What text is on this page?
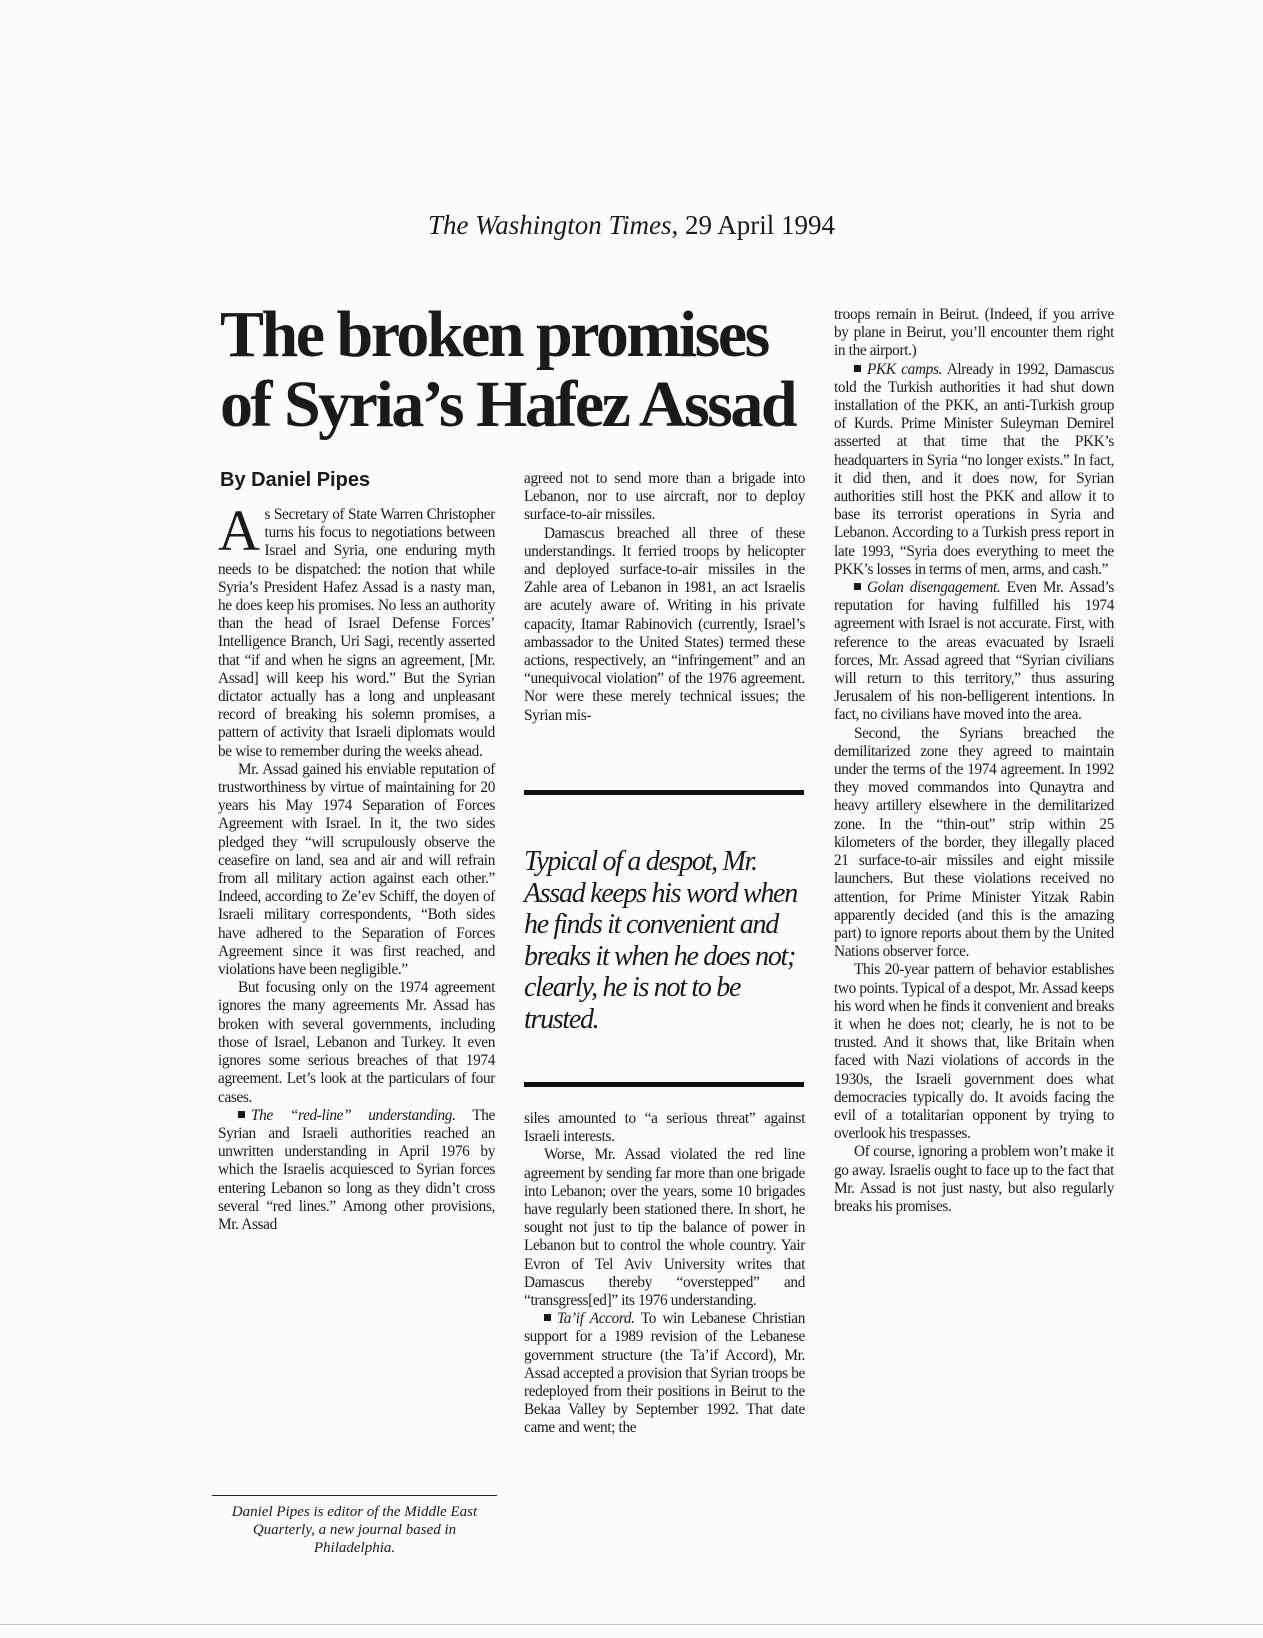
The Washington Times, 29 April 1994
The broken promises
of Syria’s Hafez Assad
By Daniel Pipes

As Secretary of State Warren Christopher turns his focus to negotiations between Israel and Syria, one enduring myth needs to be dispatched: the notion that while Syria’s President Hafez Assad is a nasty man, he does keep his promises. No less an authority than the head of Israel Defense Forces’ Intelligence Branch, Uri Sagi, recently asserted that “if and when he signs an agreement, [Mr. Assad] will keep his word.” But the Syrian dictator actually has a long and unpleasant record of breaking his solemn promises, a pattern of activity that Israeli diplomats would be wise to remember during the weeks ahead.

Mr. Assad gained his enviable reputation of trustworthiness by virtue of maintaining for 20 years his May 1974 Separation of Forces Agreement with Israel. In it, the two sides pledged they “will scrupulously observe the ceasefire on land, sea and air and will refrain from all military action against each other.” Indeed, according to Ze’ev Schiff, the doyen of Israeli military correspondents, “Both sides have adhered to the Separation of Forces Agreement since it was first reached, and violations have been negligible.”

But focusing only on the 1974 agreement ignores the many agreements Mr. Assad has broken with several governments, including those of Israel, Lebanon and Turkey. It even ignores some serious breaches of that 1974 agreement. Let’s look at the particulars of four cases.

The “red-line” understanding. The Syrian and Israeli authorities reached an unwritten understanding in April 1976 by which the Israelis acquiesced to Syrian forces entering Lebanon so long as they didn’t cross several “red lines.” Among other provisions, Mr. Assad

agreed not to send more than a brigade into Lebanon, nor to use aircraft, nor to deploy surface-to-air missiles.

Damascus breached all three of these understandings. It ferried troops by helicopter and deployed surface-to-air missiles in the Zahle area of Lebanon in 1981, an act Israelis are acutely aware of. Writing in his private capacity, Itamar Rabinovich (currently, Israel’s ambassador to the United States) termed these actions, respectively, an “infringement” and an “unequivocal violation” of the 1976 agreement. Nor were these merely technical issues; the Syrian mis-

Typical of a despot, Mr. Assad keeps his word when he finds it convenient and breaks it when he does not; clearly, he is not to be trusted.

siles amounted to “a serious threat” against Israeli interests.

Worse, Mr. Assad violated the red line agreement by sending far more than one brigade into Lebanon; over the years, some 10 brigades have regularly been stationed there. In short, he sought not just to tip the balance of power in Lebanon but to control the whole country. Yair Evron of Tel Aviv University writes that Damascus thereby “overstepped” and “transgress[ed]” its 1976 understanding.

Ta’if Accord. To win Lebanese Christian support for a 1989 revision of the Lebanese government structure (the Ta’if Accord), Mr. Assad accepted a provision that Syrian troops be redeployed from their positions in Beirut to the Bekaa Valley by September 1992. That date came and went; the

troops remain in Beirut. (Indeed, if you arrive by plane in Beirut, you’ll encounter them right in the airport.)

PKK camps. Already in 1992, Damascus told the Turkish authorities it had shut down installation of the PKK, an anti-Turkish group of Kurds. Prime Minister Suleyman Demirel asserted at that time that the PKK’s headquarters in Syria “no longer exists.” In fact, it did then, and it does now, for Syrian authorities still host the PKK and allow it to base its terrorist operations in Syria and Lebanon. According to a Turkish press report in late 1993, “Syria does everything to meet the PKK’s losses in terms of men, arms, and cash.”

Golan disengagement. Even Mr. Assad’s reputation for having fulfilled his 1974 agreement with Israel is not accurate. First, with reference to the areas evacuated by Israeli forces, Mr. Assad agreed that “Syrian civilians will return to this territory,” thus assuring Jerusalem of his non-belligerent intentions. In fact, no civilians have moved into the area.

Second, the Syrians breached the demilitarized zone they agreed to maintain under the terms of the 1974 agreement. In 1992 they moved commandos into Qunaytra and heavy artillery elsewhere in the demilitarized zone. In the “thin-out” strip within 25 kilometers of the border, they illegally placed 21 surface-to-air missiles and eight missile launchers. But these violations received no attention, for Prime Minister Yitzak Rabin apparently decided (and this is the amazing part) to ignore reports about them by the United Nations observer force.

This 20-year pattern of behavior establishes two points. Typical of a despot, Mr. Assad keeps his word when he finds it convenient and breaks it when he does not; clearly, he is not to be trusted. And it shows that, like Britain when faced with Nazi violations of accords in the 1930s, the Israeli government does what democracies typically do. It avoids facing the evil of a totalitarian opponent by trying to overlook his trespasses.

Of course, ignoring a problem won’t make it go away. Israelis ought to face up to the fact that Mr. Assad is not just nasty, but also regularly breaks his promises.

Daniel Pipes is editor of the Middle East Quarterly, a new journal based in Philadelphia.
